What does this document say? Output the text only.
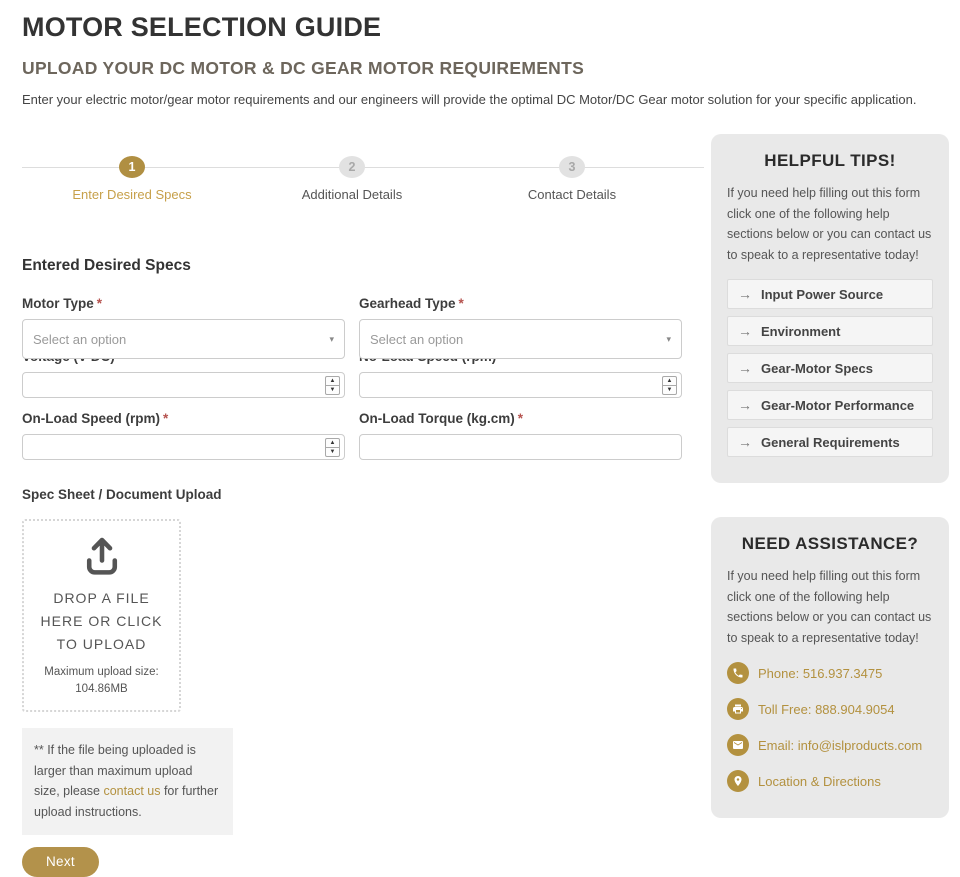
MOTOR SELECTION GUIDE
UPLOAD YOUR DC MOTOR & DC GEAR MOTOR REQUIREMENTS
Enter your electric motor/gear motor requirements and our engineers will provide the optimal DC Motor/DC Gear motor solution for your specific application.
1
Enter Desired Specs
2
Additional Details
3
Contact Details
Entered Desired Specs
Motor Type *
Select an option	▾
Gearhead Type *
Select an option	▾
▲
▼
▲
▼
On-Load Speed (rpm) *
▲
▼
On-Load Torque (kg.cm) *
Spec Sheet / Document Upload
DROP A FILE HERE OR CLICK TO UPLOAD
Maximum upload size:
104.86MB
** If the file being uploaded is larger than maximum upload size, please contact us for further upload instructions.
Next
HELPFUL TIPS!
If you need help filling out this form click one of the following help sections below or you can contact us to speak to a representative today!
→ Input Power Source
→ Environment
→ Gear-Motor Specs
→ Gear-Motor Performance
→ General Requirements
NEED ASSISTANCE?
If you need help filling out this form click one of the following help sections below or you can contact us to speak to a representative today!
Phone: 516.937.3475
Toll Free: 888.904.9054
Email: info@islproducts.com
Location & Directions
